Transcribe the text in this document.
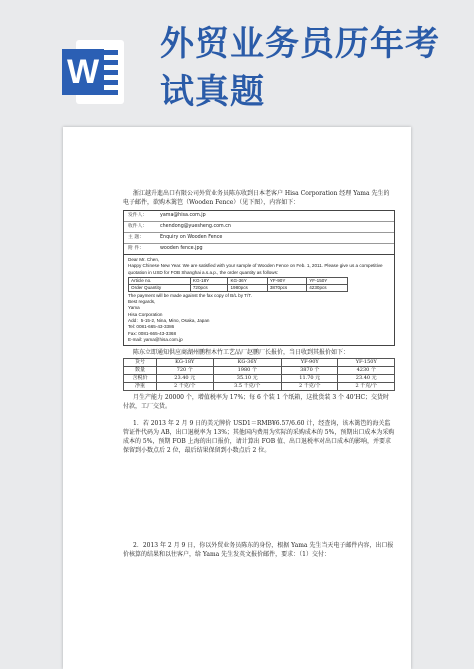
W
外贸业务员历年考试真题

浙江越升進出口有限公司外贸业务员陈东收到日本老客户 Hisa Corporation 经理 Yama 先生的电子邮件，欲购木篱笆（Wooden Fence）（见下图），内容如下：

发件人：	yama@hisa.com.jp
收件人：	chendong@yuesheng.com.cn
主 题：	Enquiry on Wooden Fence
附 件：	wooden fence.jpg
Dear Mr. Chen,
Happy Chinese New Year. We are satisfied with your sample of Wooden Fence on Feb. 1, 2011. Please give us a competitive quotation in USD for FOB Shanghai a.s.a.p., the order quantity as follows:
Article no.	KG-18Y	KG-36Y	YF-90Y	YF-150Y
Order Quantity	720pcs	1980pcs	3870pcs	4230pcs
The payment will be made against the fax copy of B/L by T/T.
Best regards,
Yama
Hisa Corporation
Add：5-15-2, Nina, Mino, Osaka, Japan
Tel: 0081-665-43-3386
Fax: 0081-665-43-3368
E-mail: yama@hisa.com.jp

陈东立即通知供应商湖州鹏程木竹工艺品厂赵鹏厂长报价，当日收到其报价如下：

货号	KG-18Y	KG-36Y	YF-90Y	YF-150Y
数量	720 个	1980 个	3870 个	4230 个
含税价	23.40 元	35.10 元	11.70 元	23.40 元
净重	2 千克/个	3.5 千克/个	2 千克/个	2 千克/个

月生产能力 20000 个，增值税率为 17%；每 6 个装 1 个纸箱，这批货装 3 个 40'HC；交货时付款，工厂交货。

1．若 2013 年 2 月 9 日的美元牌价 USD1＝RMB¥6.57/6.60 计，经查询，该木篱笆的海关监管证件代码为 AB，出口退税率为 13%；其他国内费用为实际的采购成本的 5%，预期出口成本为采购成本的 5%，预期 FOB 上海的出口报价，请计算出 FOB 值、出口退税率对出口成本的影响，并要求保留到小数点后 2 位，最后结果保留到小数点后 2 位。

2．2013 年 2 月 9 日，你以外贸业务员陈东的身份，根据 Yama 先生当天电子邮件内容，出口报价核算的结果和以往客户，给 Yama 先生发英文报价邮件，要求：（1）交付：
